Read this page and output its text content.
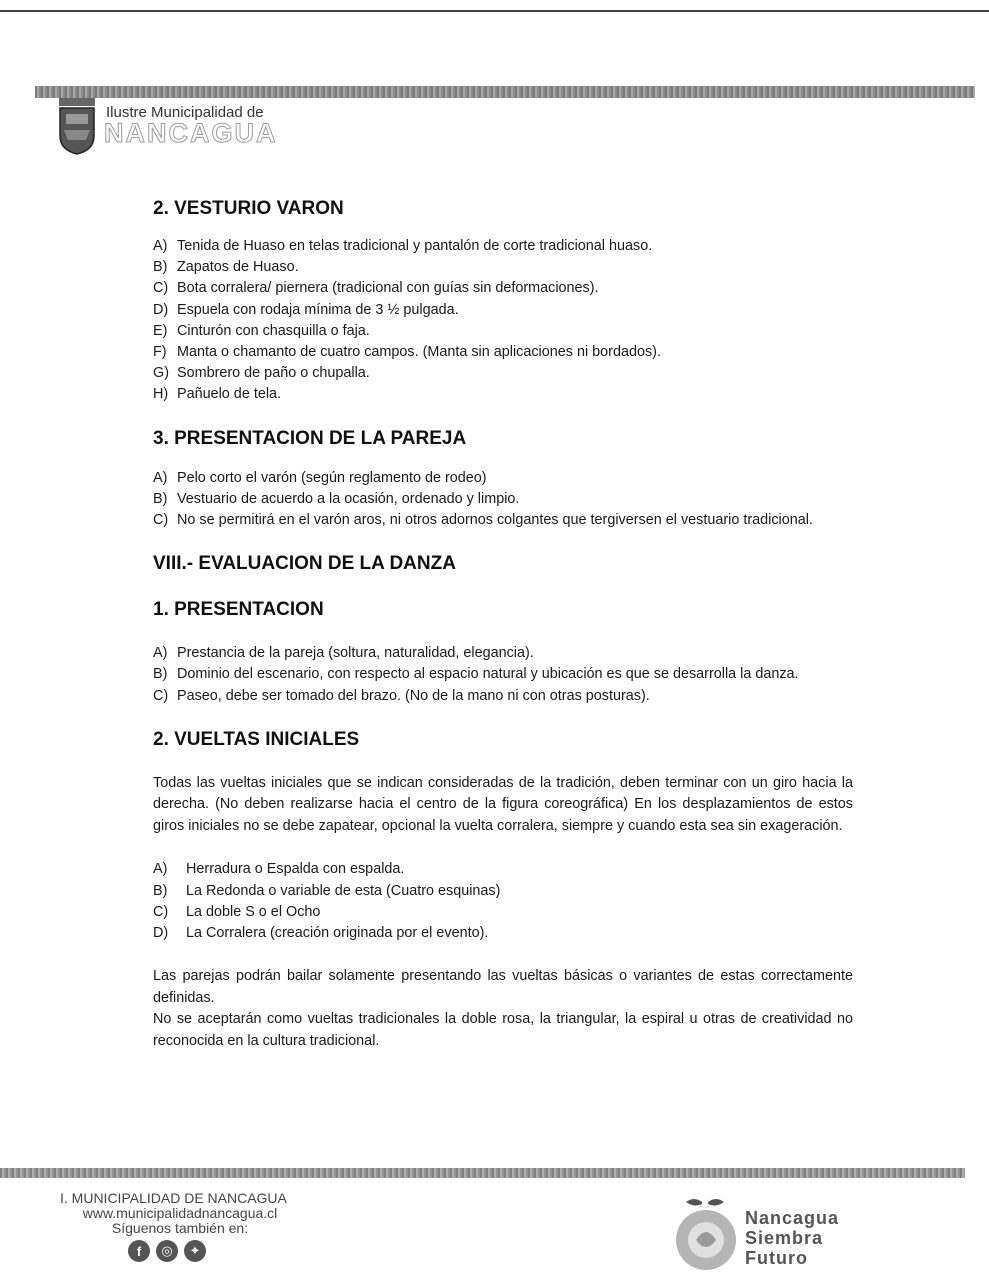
Ilustre Municipalidad de
NANCAGUA
2. VESTURIO VARON
A) Tenida de Huaso en telas tradicional y pantalón de corte tradicional huaso.
B) Zapatos de Huaso.
C) Bota corralera/ piernera (tradicional con guías sin deformaciones).
D) Espuela con rodaja mínima de 3 ½ pulgada.
E) Cinturón con chasquilla o faja.
F) Manta o chamanto de cuatro campos. (Manta sin aplicaciones ni bordados).
G) Sombrero de paño o chupalla.
H) Pañuelo de tela.
3. PRESENTACION DE LA PAREJA
A) Pelo corto el varón (según reglamento de rodeo)
B) Vestuario de acuerdo a la ocasión, ordenado y limpio.
C) No se permitirá en el varón aros, ni otros adornos colgantes que tergiversen el vestuario tradicional.
VIII.- EVALUACION DE LA DANZA
1. PRESENTACION
A) Prestancia de la pareja (soltura, naturalidad, elegancia).
B) Dominio del escenario, con respecto al espacio natural y ubicación es que se desarrolla la danza.
C) Paseo, debe ser tomado del brazo. (No de la mano ni con otras posturas).
2. VUELTAS INICIALES

Todas las vueltas iniciales que se indican consideradas de la tradición, deben terminar con un giro hacia la derecha. (No deben realizarse hacia el centro de la figura coreográfica) En los desplazamientos de estos giros iniciales no se debe zapatear, opcional la vuelta corralera, siempre y cuando esta sea sin exageración.

A)	Herradura o Espalda con espalda.
B)	La Redonda o variable de esta (Cuatro esquinas)
C)	La doble S o el Ocho
D)	La Corralera (creación originada por el evento).

Las parejas podrán bailar solamente presentando las vueltas básicas o variantes de estas correctamente definidas.

No se aceptarán como vueltas tradicionales la doble rosa, la triangular, la espiral u otras de creatividad no reconocida en la cultura tradicional.

I. MUNICIPALIDAD DE NANCAGUA
www.municipalidadnancagua.cl
Síguenos también en:
f	◎	✦
Nancagua
Siembra
Futuro
